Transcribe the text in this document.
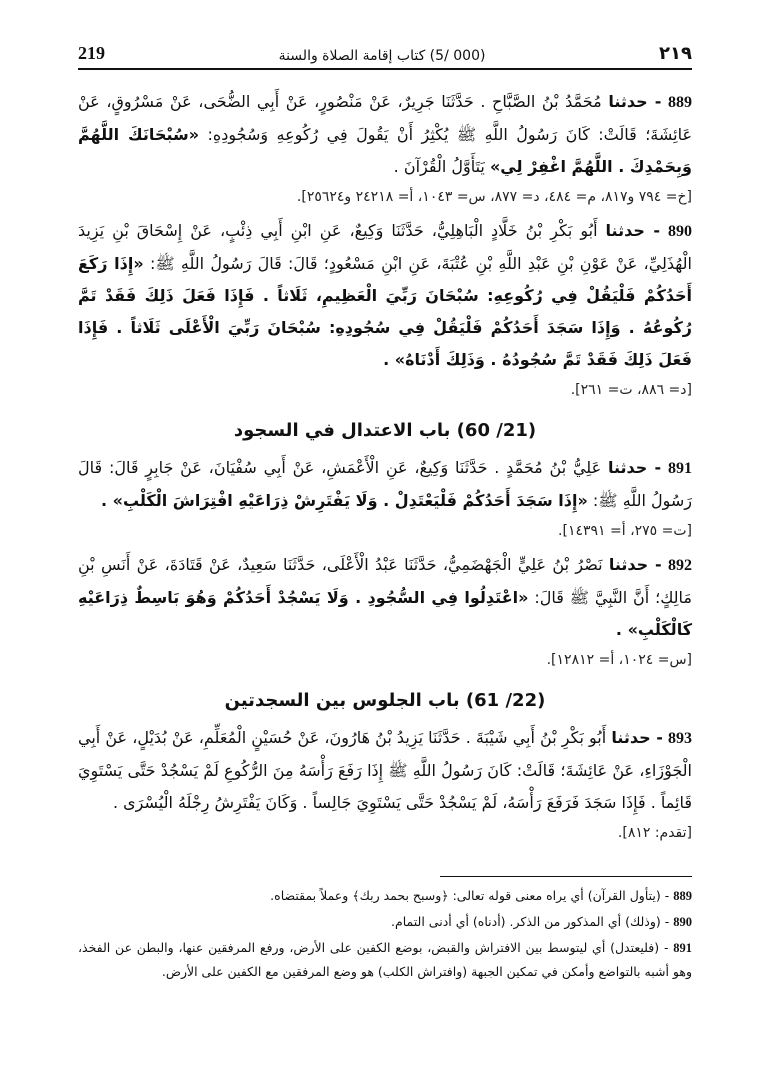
219	(000 /5) كتاب إقامة الصلاة والسنة	٢١٩

889 - حدثنا مُحَمَّدُ بْنُ الصَّبَّاحِ . حَدَّثَنَا جَرِيرٌ، عَنْ مَنْصُورٍ، عَنْ أَبِي الضُّحَى، عَنْ مَسْرُوقٍ، عَنْ عَائِشَةَ؛ قَالَتْ: كَانَ رَسُولُ اللَّهِ ﷺ يُكْثِرُ أَنْ يَقُولَ فِي رُكُوعِهِ وَسُجُودِهِ: «سُبْحَانَكَ اللَّهُمَّ وَبِحَمْدِكَ . اللَّهُمَّ اغْفِرْ لِي» يَتَأَوَّلُ الْقُرْآنَ .
[خ= ٧٩٤ و٨١٧، م= ٤٨٤، د= ٨٧٧، س= ١٠٤٣، أ= ٢٤٢١٨ و٢٥٦٢٤].

890 - حدثنا أَبُو بَكْرِ بْنُ خَلَّادٍ الْبَاهِلِيُّ، حَدَّثَنَا وَكِيعٌ، عَنِ ابْنِ أَبِي ذِئْبٍ، عَنْ إِسْحَاقَ بْنِ يَزِيدَ الْهُذَلِيِّ، عَنْ عَوْنِ بْنِ عَبْدِ اللَّهِ بْنِ عُتْبَةَ، عَنِ ابْنِ مَسْعُودٍ؛ قَالَ: قَالَ رَسُولُ اللَّهِ ﷺ: «إِذَا رَكَعَ أَحَدُكُمْ فَلْيَقُلْ فِي رُكُوعِهِ: سُبْحَانَ رَبِّيَ الْعَظِيمِ، ثَلَاثاً . فَإِذَا فَعَلَ ذَلِكَ فَقَدْ تَمَّ رُكُوعُهُ . وَإِذَا سَجَدَ أَحَدُكُمْ فَلْيَقُلْ فِي سُجُودِهِ: سُبْحَانَ رَبِّيَ الْأَعْلَى ثَلَاثاً . فَإِذَا فَعَلَ ذَلِكَ فَقَدْ تَمَّ سُجُودُهُ . وَذَلِكَ أَدْنَاهُ» .
[د= ٨٨٦، ت= ٢٦١].

(21/ 60) باب الاعتدال في السجود

891 - حدثنا عَلِيُّ بْنُ مُحَمَّدٍ . حَدَّثَنَا وَكِيعٌ، عَنِ الْأَعْمَشِ، عَنْ أَبِي سُفْيَانَ، عَنْ جَابِرٍ قَالَ: قَالَ رَسُولُ اللَّهِ ﷺ: «إِذَا سَجَدَ أَحَدُكُمْ فَلْيَعْتَدِلْ . وَلَا يَفْتَرِشْ ذِرَاعَيْهِ افْتِرَاشَ الْكَلْبِ» .
[ت= ٢٧٥، أ= ١٤٣٩١].

892 - حدثنا نَصْرُ بْنُ عَلِيٍّ الْجَهْضَمِيُّ، حَدَّثَنَا عَبْدُ الْأَعْلَى، حَدَّثَنَا سَعِيدٌ، عَنْ قَتَادَةَ، عَنْ أَنَسِ بْنِ مَالِكٍ؛ أَنَّ النَّبِيَّ ﷺ قَالَ: «اعْتَدِلُوا فِي السُّجُودِ . وَلَا يَسْجُدْ أَحَدُكُمْ وَهُوَ بَاسِطٌ ذِرَاعَيْهِ كَالْكَلْبِ» .
[س= ١٠٢٤، أ= ١٢٨١٢].

(22/ 61) باب الجلوس بين السجدتين

893 - حدثنا أَبُو بَكْرِ بْنُ أَبِي شَيْبَةَ . حَدَّثَنَا يَزِيدُ بْنُ هَارُونَ، عَنْ حُسَيْنٍ الْمُعَلِّمِ، عَنْ بُدَيْلٍ، عَنْ أَبِي الْجَوْزَاءِ، عَنْ عَائِشَةَ؛ قَالَتْ: كَانَ رَسُولُ اللَّهِ ﷺ إِذَا رَفَعَ رَأْسَهُ مِنَ الرُّكُوعِ لَمْ يَسْجُدْ حَتَّى يَسْتَوِيَ قَائِماً . فَإِذَا سَجَدَ فَرَفَعَ رَأْسَهُ، لَمْ يَسْجُدْ حَتَّى يَسْتَوِيَ جَالِساً . وَكَانَ يَفْتَرِشُ رِجْلَهُ الْيُسْرَى .
[تقدم: ٨١٢].

889 - (يتأول القرآن) أي يراه معنى قوله تعالى: ﴿وسبح بحمد ربك﴾ وعملاً بمقتضاه.

890 - (وذلك) أي المذكور من الذكر. (أدناه) أي أدنى التمام.

891 - (فليعتدل) أي ليتوسط بين الافتراش والقبض، بوضع الكفين على الأرض، ورفع المرفقين عنها، والبطن عن الفخذ، وهو أشبه بالتواضع وأمكن في تمكين الجبهة (وافتراش الكلب) هو وضع المرفقين مع الكفين على الأرض.
